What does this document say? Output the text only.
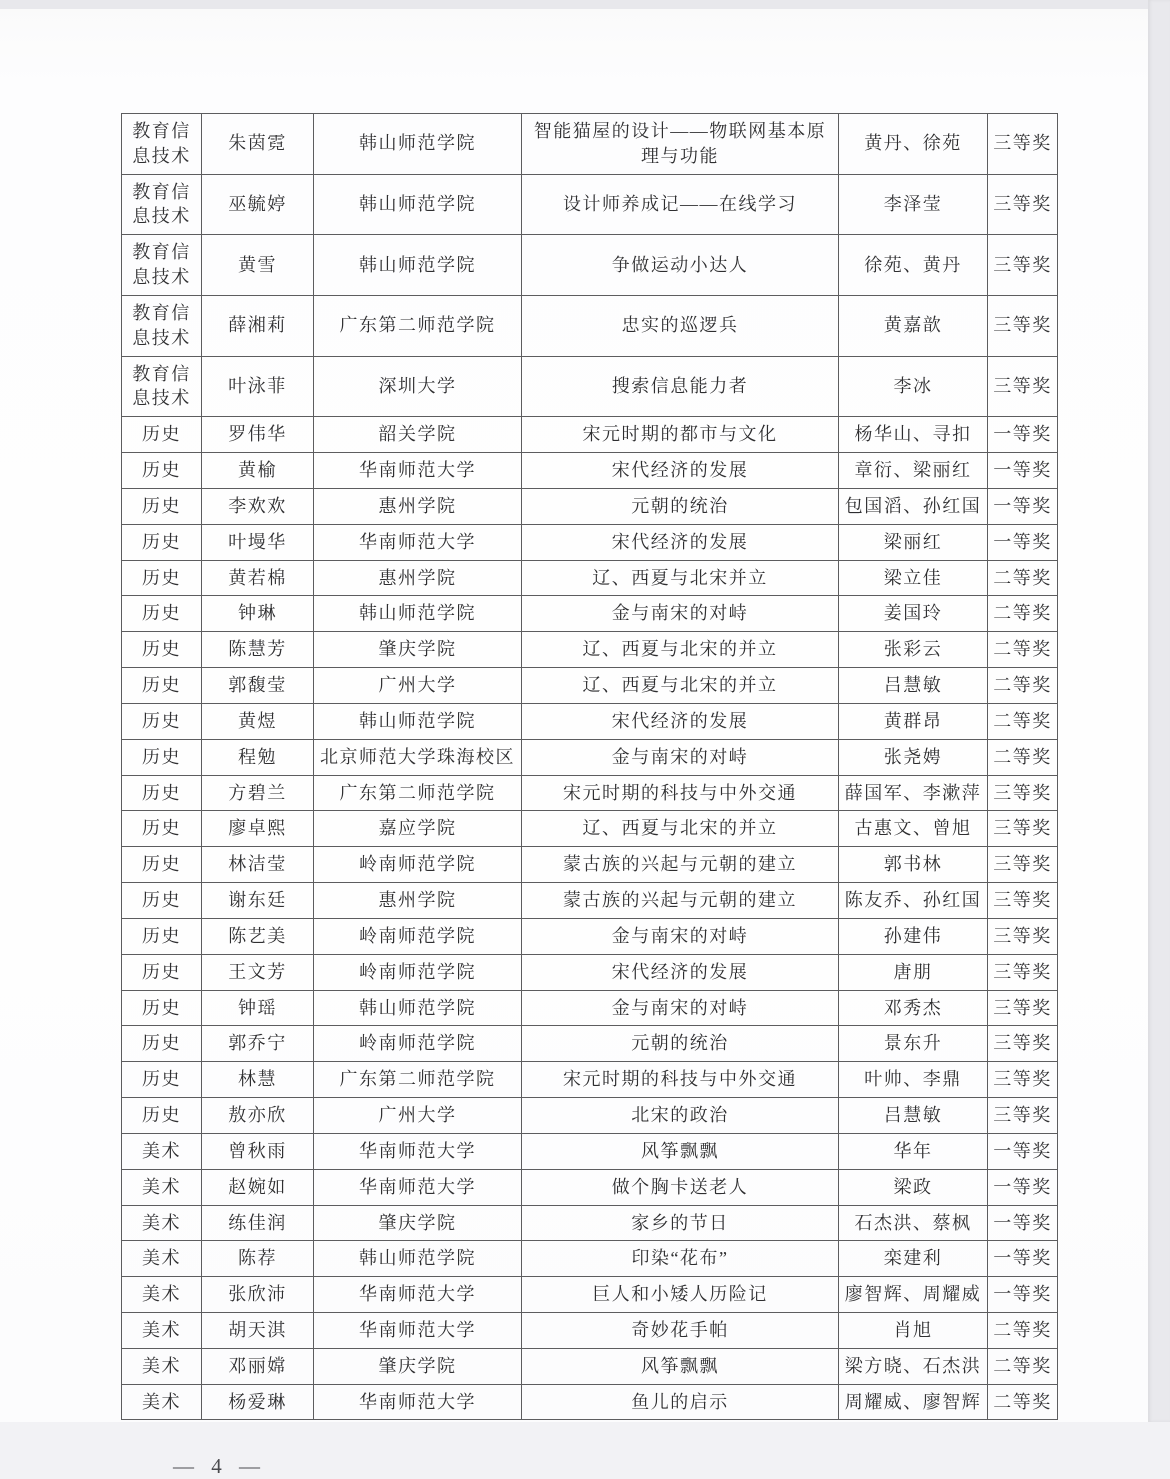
教育信息技术	朱茵霓	韩山师范学院	智能猫屋的设计——物联网基本原理与功能	黄丹、徐苑	三等奖
教育信息技术	巫毓婷	韩山师范学院	设计师养成记——在线学习	李泽莹	三等奖
教育信息技术	黄雪	韩山师范学院	争做运动小达人	徐苑、黄丹	三等奖
教育信息技术	薛湘莉	广东第二师范学院	忠实的巡逻兵	黄嘉歆	三等奖
教育信息技术	叶泳菲	深圳大学	搜索信息能力者	李冰	三等奖
历史	罗伟华	韶关学院	宋元时期的都市与文化	杨华山、寻扣	一等奖
历史	黄榆	华南师范大学	宋代经济的发展	章衍、梁丽红	一等奖
历史	李欢欢	惠州学院	元朝的统治	包国滔、孙红国	一等奖
历史	叶墁华	华南师范大学	宋代经济的发展	梁丽红	一等奖
历史	黄若棉	惠州学院	辽、西夏与北宋并立	梁立佳	二等奖
历史	钟琳	韩山师范学院	金与南宋的对峙	姜国玲	二等奖
历史	陈慧芳	肇庆学院	辽、西夏与北宋的并立	张彩云	二等奖
历史	郭馥莹	广州大学	辽、西夏与北宋的并立	吕慧敏	二等奖
历史	黄煜	韩山师范学院	宋代经济的发展	黄群昂	二等奖
历史	程勉	北京师范大学珠海校区	金与南宋的对峙	张尧娉	二等奖
历史	方碧兰	广东第二师范学院	宋元时期的科技与中外交通	薛国军、李漱萍	三等奖
历史	廖卓熙	嘉应学院	辽、西夏与北宋的并立	古惠文、曾旭	三等奖
历史	林洁莹	岭南师范学院	蒙古族的兴起与元朝的建立	郭书林	三等奖
历史	谢东廷	惠州学院	蒙古族的兴起与元朝的建立	陈友乔、孙红国	三等奖
历史	陈艺美	岭南师范学院	金与南宋的对峙	孙建伟	三等奖
历史	王文芳	岭南师范学院	宋代经济的发展	唐朋	三等奖
历史	钟瑶	韩山师范学院	金与南宋的对峙	邓秀杰	三等奖
历史	郭乔宁	岭南师范学院	元朝的统治	景东升	三等奖
历史	林慧	广东第二师范学院	宋元时期的科技与中外交通	叶帅、李鼎	三等奖
历史	敖亦欣	广州大学	北宋的政治	吕慧敏	三等奖
美术	曾秋雨	华南师范大学	风筝飘飘	华年	一等奖
美术	赵婉如	华南师范大学	做个胸卡送老人	梁政	一等奖
美术	练佳润	肇庆学院	家乡的节日	石杰洪、蔡枫	一等奖
美术	陈荐	韩山师范学院	印染“花布”	栾建利	一等奖
美术	张欣沛	华南师范大学	巨人和小矮人历险记	廖智辉、周耀威	一等奖
美术	胡天淇	华南师范大学	奇妙花手帕	肖旭	二等奖
美术	邓丽嫦	肇庆学院	风筝飘飘	梁方晓、石杰洪	二等奖
美术	杨爱琳	华南师范大学	鱼儿的启示	周耀威、廖智辉	二等奖
— 4 —
